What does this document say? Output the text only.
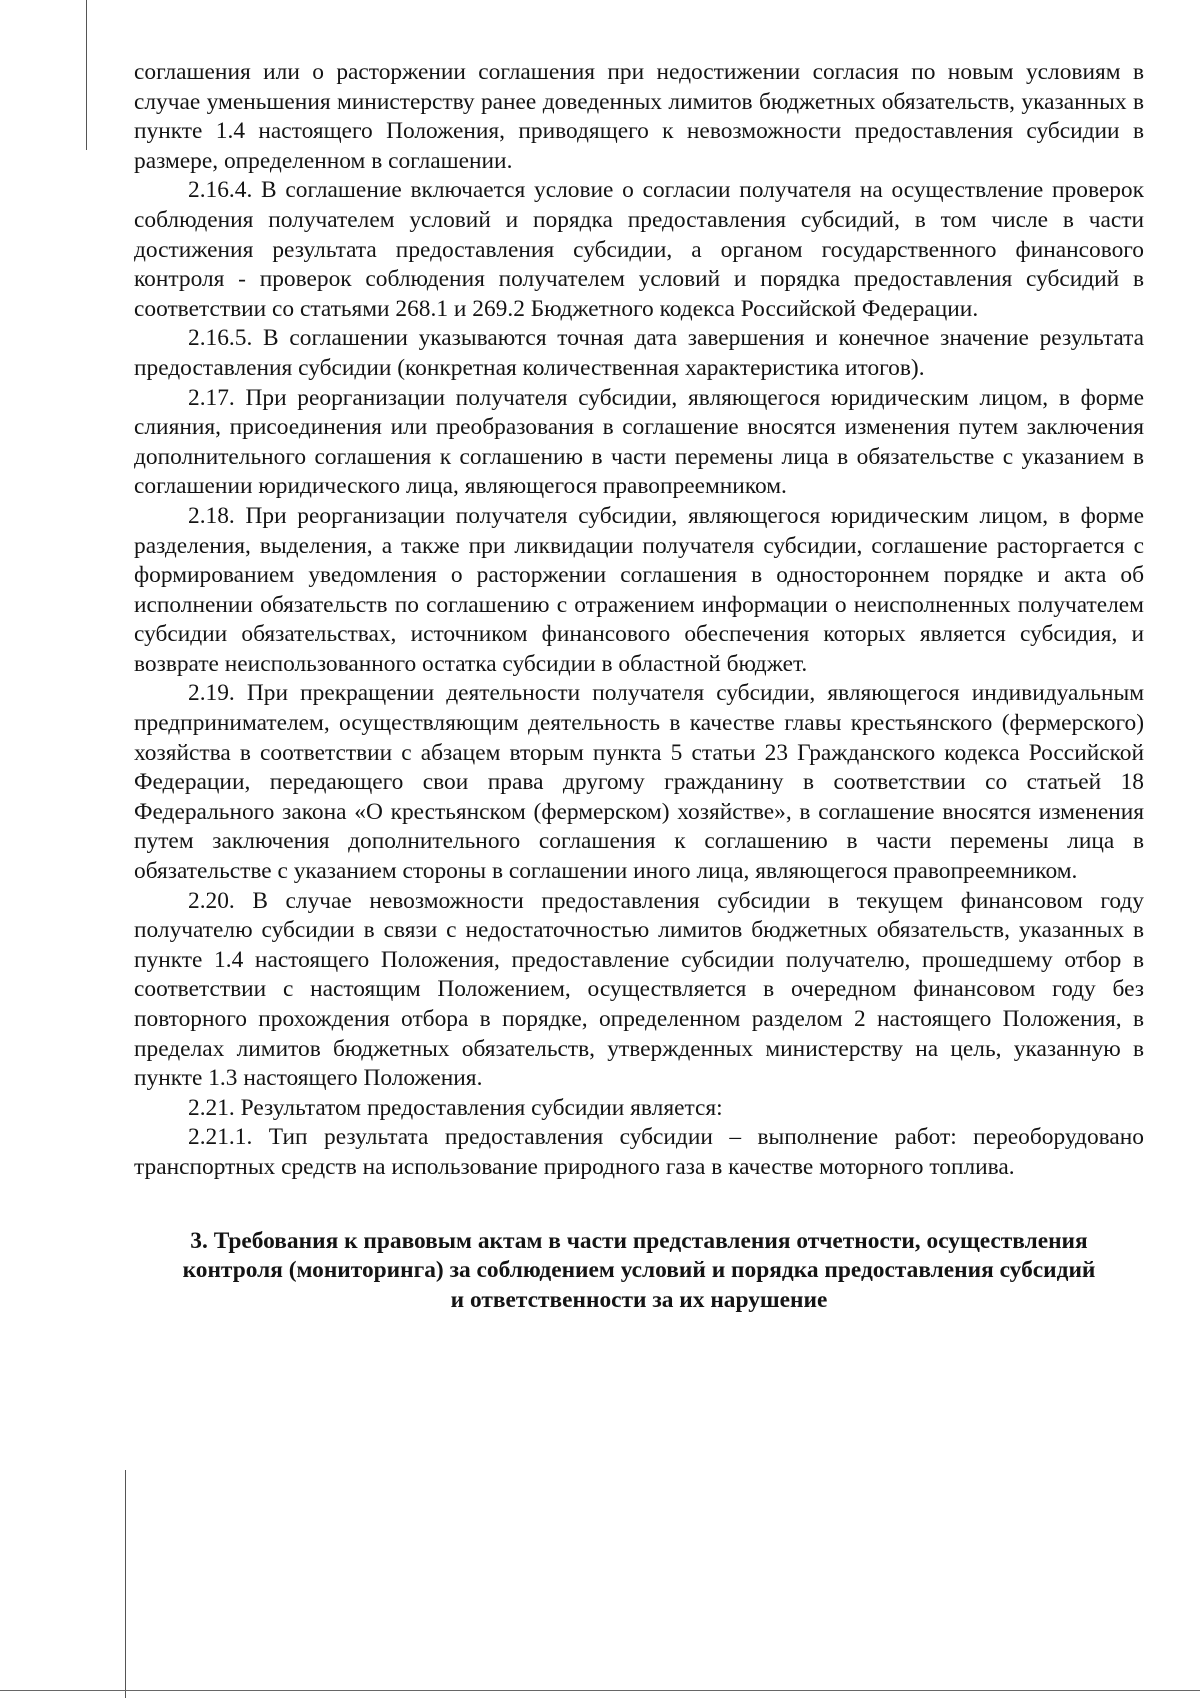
соглашения или о расторжении соглашения при недостижении согласия по новым условиям в случае уменьшения министерству ранее доведенных лимитов бюджетных обязательств, указанных в пункте 1.4 настоящего Положения, приводящего к невозможности предоставления субсидии в размере, определенном в соглашении.

2.16.4. В соглашение включается условие о согласии получателя на осуществление проверок соблюдения получателем условий и порядка предоставления субсидий, в том числе в части достижения результата предоставления субсидии, а органом государственного финансового контроля - проверок соблюдения получателем условий и порядка предоставления субсидий в соответствии со статьями 268.1 и 269.2 Бюджетного кодекса Российской Федерации.

2.16.5. В соглашении указываются точная дата завершения и конечное значение результата предоставления субсидии (конкретная количественная характеристика итогов).

2.17. При реорганизации получателя субсидии, являющегося юридическим лицом, в форме слияния, присоединения или преобразования в соглашение вносятся изменения путем заключения дополнительного соглашения к соглашению в части перемены лица в обязательстве с указанием в соглашении юридического лица, являющегося правопреемником.

2.18. При реорганизации получателя субсидии, являющегося юридическим лицом, в форме разделения, выделения, а также при ликвидации получателя субсидии, соглашение расторгается с формированием уведомления о расторжении соглашения в одностороннем порядке и акта об исполнении обязательств по соглашению с отражением информации о неисполненных получателем субсидии обязательствах, источником финансового обеспечения которых является субсидия, и возврате неиспользованного остатка субсидии в областной бюджет.

2.19. При прекращении деятельности получателя субсидии, являющегося индивидуальным предпринимателем, осуществляющим деятельность в качестве главы крестьянского (фермерского) хозяйства в соответствии с абзацем вторым пункта 5 статьи 23 Гражданского кодекса Российской Федерации, передающего свои права другому гражданину в соответствии со статьей 18 Федерального закона «О крестьянском (фермерском) хозяйстве», в соглашение вносятся изменения путем заключения дополнительного соглашения к соглашению в части перемены лица в обязательстве с указанием стороны в соглашении иного лица, являющегося правопреемником.

2.20. В случае невозможности предоставления субсидии в текущем финансовом году получателю субсидии в связи с недостаточностью лимитов бюджетных обязательств, указанных в пункте 1.4 настоящего Положения, предоставление субсидии получателю, прошедшему отбор в соответствии с настоящим Положением, осуществляется в очередном финансовом году без повторного прохождения отбора в порядке, определенном разделом 2 настоящего Положения, в пределах лимитов бюджетных обязательств, утвержденных министерству на цель, указанную в пункте 1.3 настоящего Положения.

2.21. Результатом предоставления субсидии является:

2.21.1. Тип результата предоставления субсидии – выполнение работ: переоборудовано транспортных средств на использование природного газа в качестве моторного топлива.

3. Требования к правовым актам в части представления отчетности, осуществления контроля (мониторинга) за соблюдением условий и порядка предоставления субсидий и ответственности за их нарушение
